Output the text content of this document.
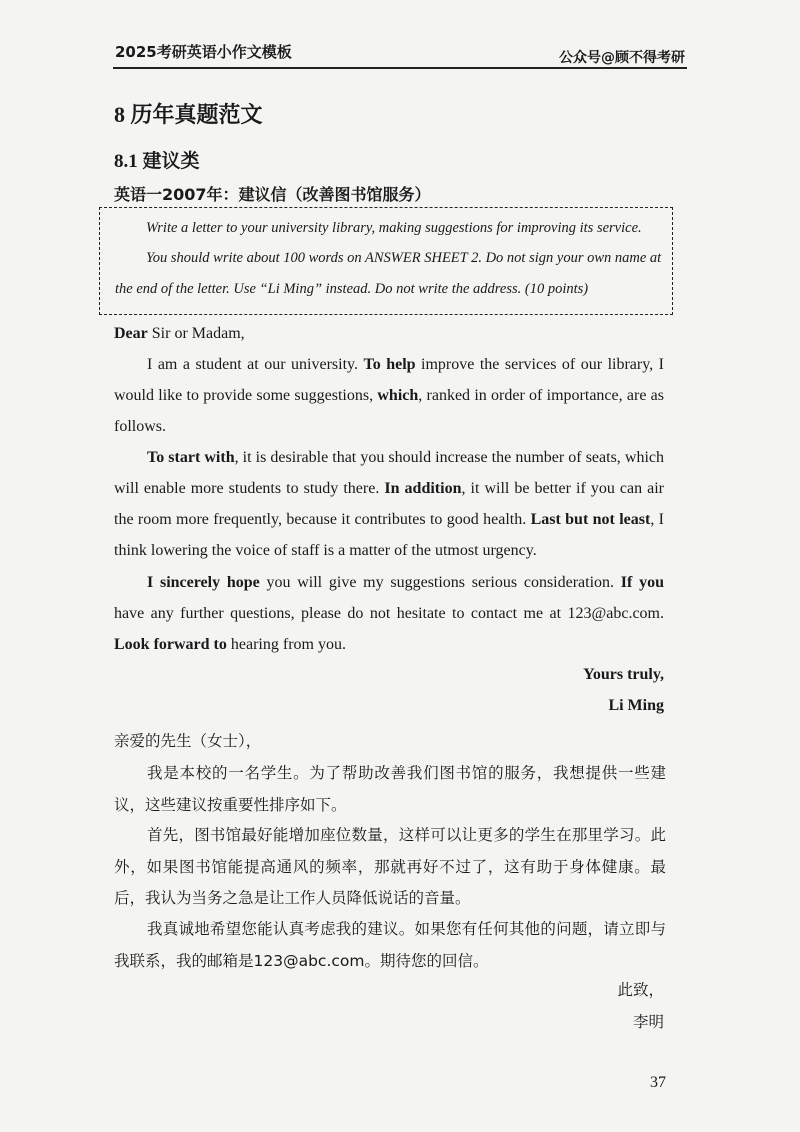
2025考研英语小作文模板	公众号@顾不得考研
8 历年真题范文
8.1 建议类
英语一2007年：建议信（改善图书馆服务）
Write a letter to your university library, making suggestions for improving its service.
You should write about 100 words on ANSWER SHEET 2. Do not sign your own name at
the end of the letter. Use “Li Ming” instead. Do not write the address. (10 points)

Dear Sir or Madam,

I am a student at our university. To help improve the services of our library, I would like to provide some suggestions, which, ranked in order of importance, are as follows.

To start with, it is desirable that you should increase the number of seats, which will enable more students to study there. In addition, it will be better if you can air the room more frequently, because it contributes to good health. Last but not least, I think lowering the voice of staff is a matter of the utmost urgency.

I sincerely hope you will give my suggestions serious consideration. If you have any further questions, please do not hesitate to contact me at 123@abc.com. Look forward to hearing from you.

Yours truly,
Li Ming

亲爱的先生（女士），

我是本校的一名学生。为了帮助改善我们图书馆的服务，我想提供一些建议，这些建议按重要性排序如下。

首先，图书馆最好能增加座位数量，这样可以让更多的学生在那里学习。此外，如果图书馆能提高通风的频率，那就再好不过了，这有助于身体健康。最后，我认为当务之急是让工作人员降低说话的音量。

我真诚地希望您能认真考虑我的建议。如果您有任何其他的问题，请立即与我联系，我的邮箱是123@abc.com。期待您的回信。

此致，
李明
37
